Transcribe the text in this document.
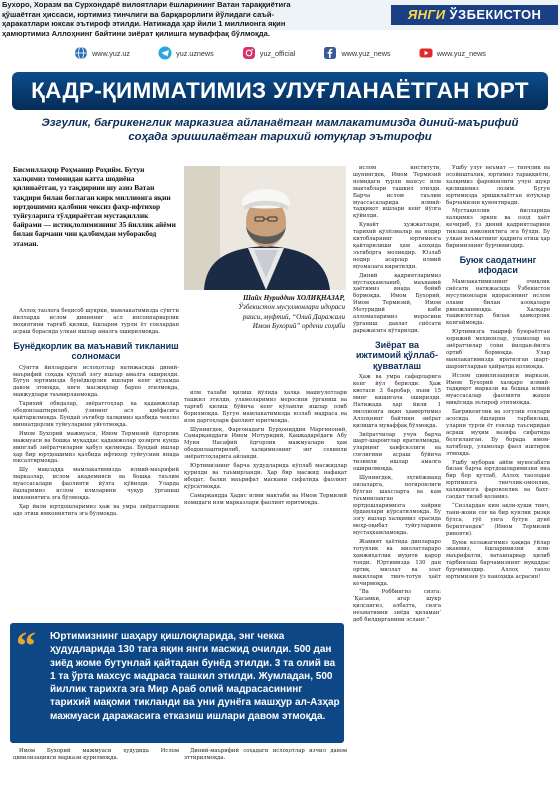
Бухоро, Хоразм ва Сурхондарё вилоятлари ёшларининг Ватан тараққиётига қўшаётган ҳиссаси, юртимиз тинчлиги ва барқарорлиги йўлидаги саъй-ҳаракатлари юксак эътироф этилди. Натижада ҳар йили 1 миллионга яқин ҳамюртимиз Аллоҳнинг байтини зиёрат қилишга муваффақ бўлмоқда.
ЯНГИ ЎЗБЕКИСТОН
www.yuz.uz	yuz.uznews	yuz_official	www.yuz_news	www.yuz_news
ҚАДР-ҚИММАТИМИЗ УЛУҒЛАНАЁТГАН ЮРТ
Эзгулик, бағрикенглик марказига айланаётган мамлакатимизда диний-маърифий соҳада эришилаётган тарихий ютуқлар эътирофи
Бисмиллаҳир Роҳманир Роҳийм. Бутун халқимиз томонидан катта шодиёна қилинаётган, уз тақдирини шу азиз Ватан тақдири билан боғлаган кирк миллионга яқин юртдошимиз қалбини чексиз фахр-ифтихор туйғуларига тўлдираётган мустақиллик байрами — истиқлолимизнинг 35 йиллик айёми билан барчани чин қалбимдан муборакбод этаман.
Шайх Нуриддин ХОЛИҚНАЗАР,
Ўзбекистон мусулмонлари идораси раиси, муфтий, “Олий Даражали Имом Бухорий” ордени соҳиби

Аллоҳ таолога беҳисоб шукрки, мамлакатимизда сўнгги йилларда ислом динининг асл инсонпарварлик моҳиятини тарғиб қилиш, ёшларни турли ёт ғоялардан асраш борасида улкан ишлар амалга оширилмоқда.

Бунёдкорлик ва маънавий тикланиш солномаси

Сўнгги йиллардаги ислоҳотлар натижасида диний-маърифий соҳада кўплаб эзгу ишлар амалга оширилди. Бугун юртимизда бунёдкорлик ишлари кенг кўламда давом этмоқда, янги масжидлар барпо этилмоқда, мавжудлари таъмирланмоқда.

Тарихий обидалар, зиёратгоҳлар ва қадамжолар ободонлаштирилиб, ўзининг асл қиёфасига қайтарилмоқда. Бундай эътибор халқимиз қалбида чексиз миннатдорлик туйғуларини уйғотмоқда.

Имом Бухорий мажмуаси, Имом Термизий ёдгорлик мажмуаси ва бошқа муқаддас қадамжолар ҳозирги кунда минглаб зиёратчиларни қабул қилмоқда. Бундай ишлар ҳар бир юртдошимиз қалбида ифтихор туйғусини янада юксалтирмоқда.

Шу мақсадда мамлакатимизда илмий-маърифий марказлар, ислом академияси ва бошқа таълим муассасалари фаолияти йўлга қўйилди. Уларда ёшларимиз ислом илмларини чуқур ўрганиш имкониятига эга бўлмоқда.

Ҳар йили юртдошларимиз ҳаж ва умра зиёратларини адо этиш имкониятига эга бўлмоқда.

илм талаби қилиш йўлида ҳалқа машғулотлари ташкил этилди, уламоларимиз меросини ўрганиш ва тарғиб қилиш бўйича кенг кўламли ишлар олиб борилмоқда. Бугун мамлакатимизда юзлаб мадраса ва илм даргоҳлари фаолият юритмоқда.

Шунингдек, Фарғонадаги Бурҳониддин Марғиноний, Самарқанддаги Имом Мотуридий, Қашқадарёдаги Абу Муин Насафий ёдгорлик мажмуалари ҳам ободонлаштирилиб, халқимизнинг энг севимли зиёратгоҳларига айланди.

Юртимизнинг барча ҳудудларида кўплаб масжидлар қурилди ва таъмирланди. Ҳар бир масжид нафақат ибодат, балки маърифат маскани сифатида фаолият кўрсатмоқда.

Самарқандда Ҳадис илми мактаби ва Имом Термизий номидаги илм марказлари фаолият юритмоқда.

ислом институти, шунингдек, Имом Термизий номидаги турли махсус илм мактаблари ташкил этилди. Барча ислом таълим муассасаларида илмий-тадқиқот ишлари кенг йўлга қўйилди.

Кувайт ҳужжатлари, тарихий қўлёзмалар ва нодир китобларнинг юртимизга қайтарилиши ҳам алоҳида эътиборга моликдир. Юзлаб нодир асарлар илмий муомалага киритилди.

Диний қадриятларимиз мустаҳкамланиб, маънавий ҳаётимиз янада бойиб бормоқда. Имом Бухорий, Имом Термизий, Имом Мотуридий каби алломаларимиз меросини ўрганиш давлат сиёсати даражасига кўтарилди.

Зиёрат ва ижтимоий қўллаб-қувватлаш

Ҳаж ва умра сафарларига кенг йўл берилди. Ҳаж квотаси 3 баробар, яъни 15 минг кишигача оширилди. Натижада ҳар йили 1 миллионга яқин ҳамюртимиз Аллоҳнинг байтини зиёрат қилишга муваффақ бўлмоқда.

Зиёратчилар учун барча шарт-шароитлар яратилмоқда, уларнинг хавфсизлиги ва соғлиғини асраш бўйича тизимли ишлар амалга оширилмоқда.

Шунингдек, эҳтиёжманд оилаларга, ногиронлиги бўлган шахсларга ва кам таъминланган юртдошларимизга хайрия ёрдамлари кўрсатилмоқда. Бу эзгу ишлар халқимиз орасида меҳр-оқибат туйғуларини мустаҳкамламоқда.

Жамият ҳаётида динлараро тотувлик ва миллатлараро ҳамжиҳатлик муҳити қарор топди. Юртимизда 130 дан ортиқ миллат ва элат вакиллари тинч-тотув ҳаёт кечирмоқда.

“Ва Роббингиз сизга: ‘Қасамки, агар шукр қилсангиз, албатта, сизга неъматимни зиёда қиламан’ деб билдирганини эсланг.”

Ушбу улуғ неъмат — тинчлик ва осойишталик, юртимиз тараққиёти, халқимиз фаровонлиги учун шукр қилишимиз лозим. Бугун юртимизда эришилаётган ютуқлар барчамизни қувонтиради.

Мустақиллик йилларида халқимиз эркин ва озод ҳаёт кечириб, ўз диний қадриятларини тиклаш имкониятига эга бўлди. Бу улкан неъматнинг қадрига етиш ҳар биримизнинг бурчимиздир.

Буюк саодатнинг ифодаси

Мамлакатимизнинг очиқлик сиёсати натижасида Ўзбекистон мусулмонлари идорасининг ислом олами билан алоқалари ривожланмоқда. Халқаро ташкилотлар билан ҳамкорлик кенгаймоқда.

Юртимизга ташриф буюраётган хорижий меҳмонлар, уламолар ва зиёратчилар сони йилдан-йилга ортиб бормоқда. Улар мамлакатимизда яратилган шарт-шароитлардан ҳайратда қолмоқда.

Ислом цивилизацияси маркази, Имом Бухорий халқаро илмий-тадқиқот маркази ва бошқа илмий муассасалар фаолияти жаҳон миқёсида эътироф этилмоқда.

Бағрикенглик ва эзгулик ғоялари асосида ёшларни тарбиялаш, уларни турли ёт ғоялар таъсиридан асраш муҳим вазифа сифатида белгиланган. Бу борада имом-хатиблар, уламолар фаол иштирок этмоқда.

Ушбу муборак айём муносабати билан барча юртдошларимизни яна бир бор қутлаб, Аллоҳ таолодан юртимизга тинчлик-омонлик, халқимизга фаровонлик ва бахт-саодат тилаб қоламиз.

“Сизлардан ким ақли-ҳуши тинч, тани-жони соғ ва бир кунлик ризқи бўлса, гўё унга бутун дунё берилгандек” (Имом Термизий ривояти).

Буюк келажагимиз ҳақида ўйлар эканмиз, ёшларимизни илм-маърифатли, ватанпарвар қилиб тарбиялаш барчамизнинг муқаддас бурчимиздир. Аллоҳ таоло юртимизни ўз паноҳида асрасин!

“ Юртимизнинг шаҳару қишлоқларида, энг чекка ҳудудларида 130 тага яқин янги масжид очилди. 500 дан зиёд жоме бутунлай қайтадан бунёд этилди. 3 та олий ва 1 та ўрта махсус мадраса ташкил этилди. Жумладан, 500 йиллик тарихга эга Мир Араб олий мадрасасининг тарихий мақоми тикланди ва уни дунёга машҳур ал-Азҳар мажмуаси даражасига етказиш ишлари давом этмоқда.

Имом Бухорий мажмуаси ҳудудида Ислом цивилизацияси маркази қурилмоқда.

Диний-маърифий соҳадаги ислоҳотлар изчил давом эттирилмоқда.
